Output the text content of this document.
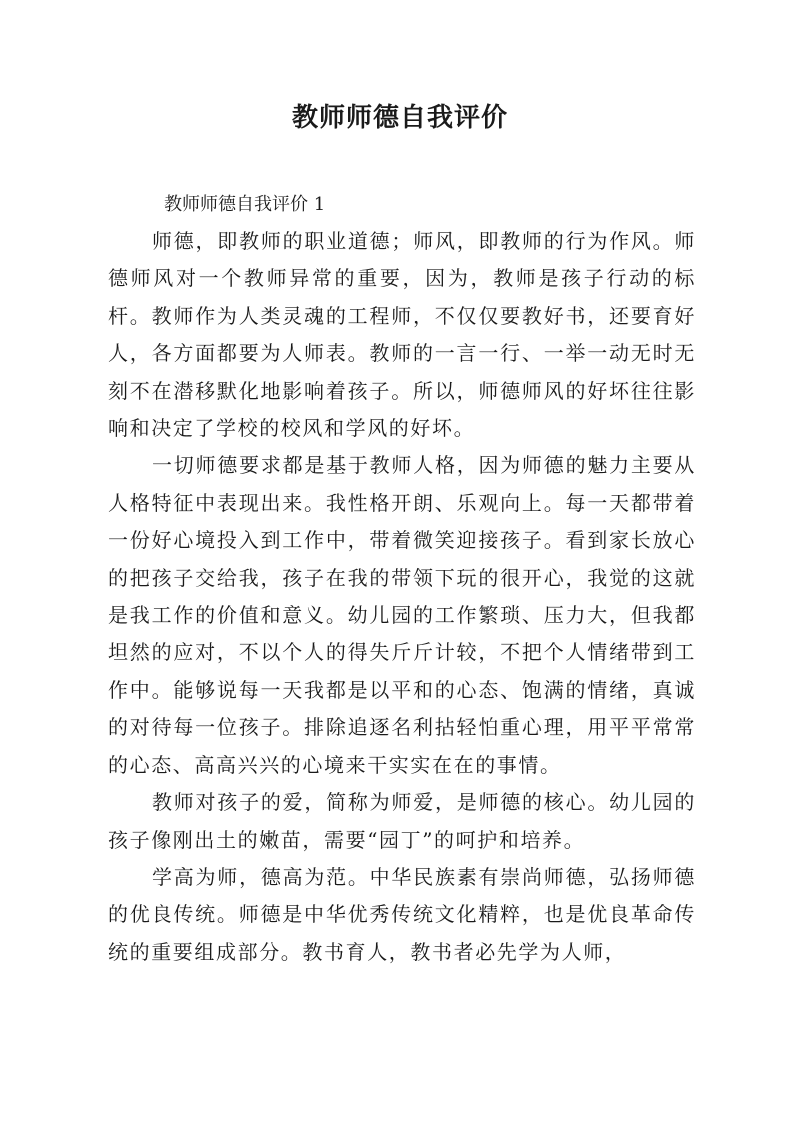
教师师德自我评价

教师师德自我评价 1

师德，即教师的职业道德；师风，即教师的行为作风。师德师风对一个教师异常的重要，因为，教师是孩子行动的标杆。教师作为人类灵魂的工程师，不仅仅要教好书，还要育好人，各方面都要为人师表。教师的一言一行、一举一动无时无刻不在潜移默化地影响着孩子。所以，师德师风的好坏往往影响和决定了学校的校风和学风的好坏。

一切师德要求都是基于教师人格，因为师德的魅力主要从人格特征中表现出来。我性格开朗、乐观向上。每一天都带着一份好心境投入到工作中，带着微笑迎接孩子。看到家长放心的把孩子交给我，孩子在我的带领下玩的很开心，我觉的这就是我工作的价值和意义。幼儿园的工作繁琐、压力大，但我都坦然的应对，不以个人的得失斤斤计较，不把个人情绪带到工作中。能够说每一天我都是以平和的心态、饱满的情绪，真诚的对待每一位孩子。排除追逐名利拈轻怕重心理，用平平常常的心态、高高兴兴的心境来干实实在在的事情。

教师对孩子的爱，简称为师爱，是师德的核心。幼儿园的孩子像刚出土的嫩苗，需要“园丁”的呵护和培养。

学高为师，德高为范。中华民族素有崇尚师德，弘扬师德的优良传统。师德是中华优秀传统文化精粹，也是优良革命传统的重要组成部分。教书育人，教书者必先学为人师，
